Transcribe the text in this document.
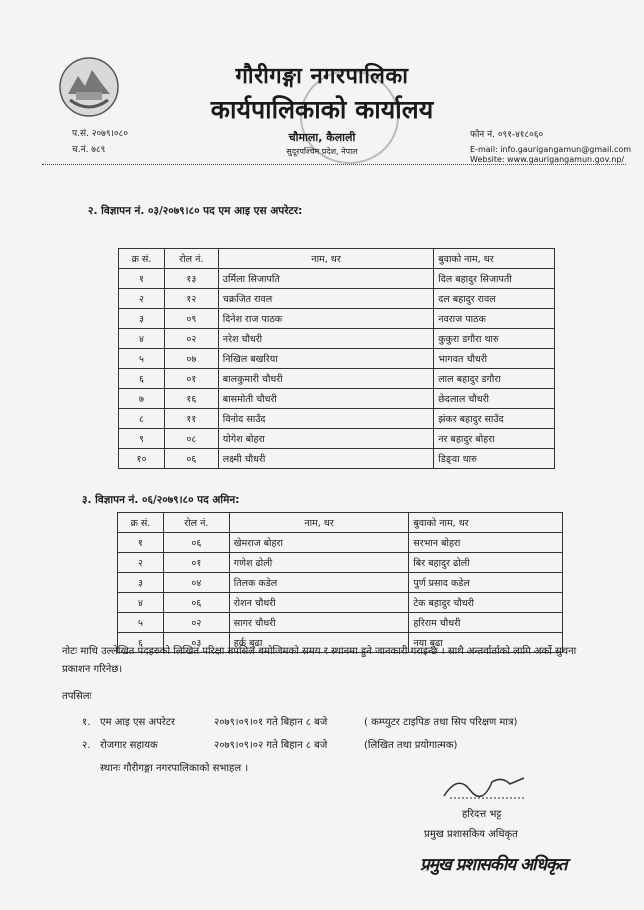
प.सं. २०७९।०८०
च.नं. ७८९
गौरीगङ्गा नगरपालिका
कार्यपालिकाको कार्यालय
चौमाला, कैलाली
सुदूरपश्चिम प्रदेश, नेपाल
फोन नं. ०९१-४१८०६०
E-mail: info.gaurigangamun@gmail.com
Website: www.gaurigangamun.gov.np/
२. विज्ञापन नं. ०३/२०७९।८० पद एम आइ एस अपरेटर:
क्र सं.	रोल नं.	नाम, थर	बुवाको नाम, थर
१	१३	उर्मिला सिजापति	दिल बहादुर सिजापती
२	१२	चक्रजित रावल	दल बहादुर रावल
३	०९	दिनेश राज पाठक	नवराज पाठक
४	०२	नरेश चौधरी	कुकुरा डगौरा थारु
५	०७	निखिल बखरिया	भागवत चौधरी
६	०१	बालकुमारी चौधरी	लाल बहादुर डगौरा
७	१६	बासमोती चौधरी	छेदलाल चौधरी
८	११	विनोद साउँद	झंकर बहादुर साउँद
९	०८	योगेश बोहरा	नर बहादुर बोहरा
१०	०६	लक्ष्मी चौधरी	डिङ्वा थारु
३. विज्ञापन नं. ०६/२०७९।८० पद अमिन:
क्र सं.	रोल नं.	नाम, थर	बुवाको नाम, थर
१	०६	खेमराज बोहरा	सरभान बोहरा
२	०१	गणेश ढोली	बिर बहादुर ढोली
३	०४	तिलक कडेल	पुर्ण प्रसाद कडेल
४	०६	रोशन चौधरी	टेक बहादुर चौधरी
५	०२	सागर चौधरी	हरिराम चौधरी
६	०३	हर्क बुढा	नया बुढा
नोटः माथि उल्लेखित पदहरुको लिखित परिक्षा तपसिल बमोजिमको समय र स्थानमा हुने जानकारी गराइन्छ । साथै अन्तर्वार्ताको लागि अर्को सुचना प्रकाशन गरिनेछ।
तपसिलः
१. एम आइ एस अपरेटर	२०७९।०९।०१ गते बिहान ८ बजे	( कम्प्युटर टाइपिङ तथा सिप परिक्षण मात्र)
२. रोजगार सहायक	२०७९।०९।०२ गते बिहान ८ बजे	(लिखित तथा प्रयोगात्मक)
स्थानः गौरीगङ्गा नगरपालिकाको सभाहल ।
हरिदत्त भट्ट
प्रमुख प्रशासकिय अधिकृत
प्रमुख प्रशासकीय अधिकृत
